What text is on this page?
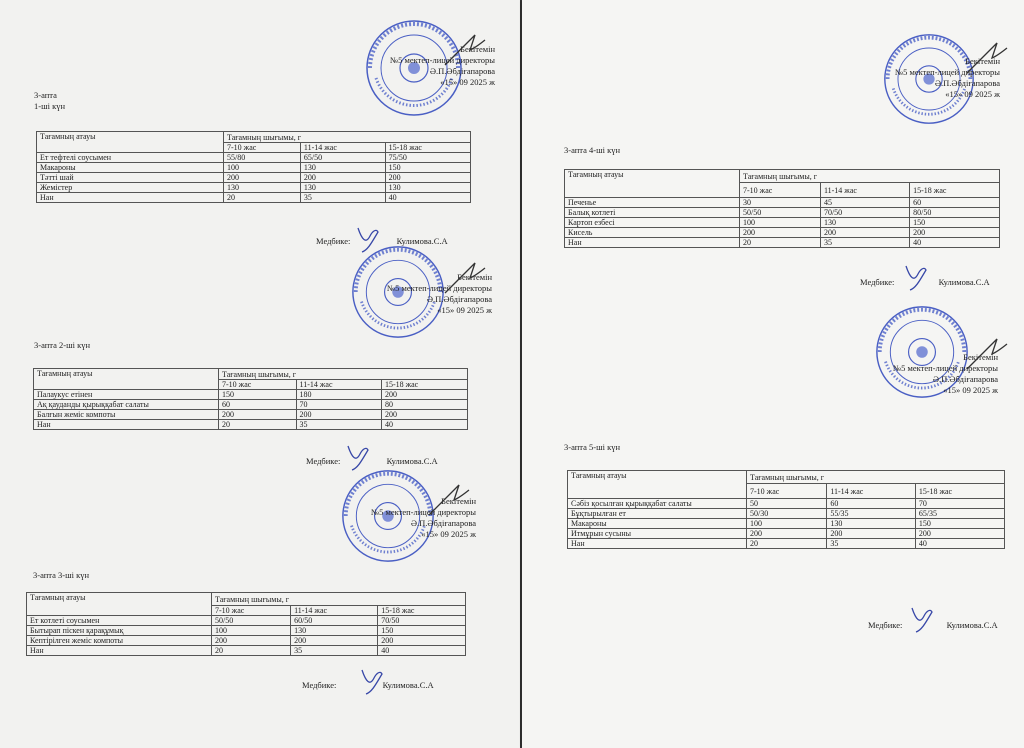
Бекітемін
№5 мектеп-лицей директоры
Ә.П.Әбдіғапарова
«15» 09 2025 ж
3-апта
1-ші күн
Тағамның атауы	Тағамның шығымы, г		
	7-10 жас	11-14 жас	15-18 жас
Ет тефтелі соусымен	55/80	65/50	75/50
Макароны	100	130	150
Тәтті шай	200	200	200
Жемістер	130	130	130
Нан	20	35	40
Медбике:	Кулимова.С.А
Бекітемін
№5 мектеп-лицей директоры
Ә.П.Әбдіғапарова
«15» 09 2025 ж
3-апта 2-ші күн
Тағамның атауы	Тағамның шығымы, г		
	7-10 жас	11-14 жас	15-18 жас
Палаукус етінен	150	180	200
Ақ қауданды қырыққабат салаты	60	70	80
Балғын жеміс компоты	200	200	200
Нан	20	35	40
Медбике:	Кулимова.С.А
Бекітемін
№5 мектеп-лицей директоры
Ә.П.Әбдіғапарова
«15» 09 2025 ж
3-апта 3-ші күн
Тағамның атауы	Тағамның шығымы, г		
	7-10 жас	11-14 жас	15-18 жас
Ет котлеті соусымен	50/50	60/50	70/50
Бытырап піскен қарақұмық	100	130	150
Кептірілген жеміс компоты	200	200	200
Нан	20	35	40
Медбике:	Кулимова.С.А
Бекітемін
№5 мектеп-лицей директоры
Ә.П.Әбдіғапарова
«15» 09 2025 ж
3-апта 4-ші күн
Тағамның атауы	Тағамның шығымы, г		
	7-10 жас	11-14 жас	15-18 жас
Печенье	30	45	60
Балық котлеті	50/50	70/50	80/50
Картоп езбесі	100	130	150
Кисель	200	200	200
Нан	20	35	40
Медбике:	Кулимова.С.А
Бекітемін
№5 мектеп-лицей директоры
Ә.П.Әбдіғапарова
«15» 09 2025 ж
3-апта 5-ші күн
Тағамның атауы	Тағамның шығымы, г		
	7-10 жас	11-14 жас	15-18 жас
Сәбіз қосылған қырыққабат салаты	50	60	70
Бұқтырылған ет	50/30	55/35	65/35
Макароны	100	130	150
Итмұрын сусыны	200	200	200
Нан	20	35	40
Медбике:	Кулимова.С.А
